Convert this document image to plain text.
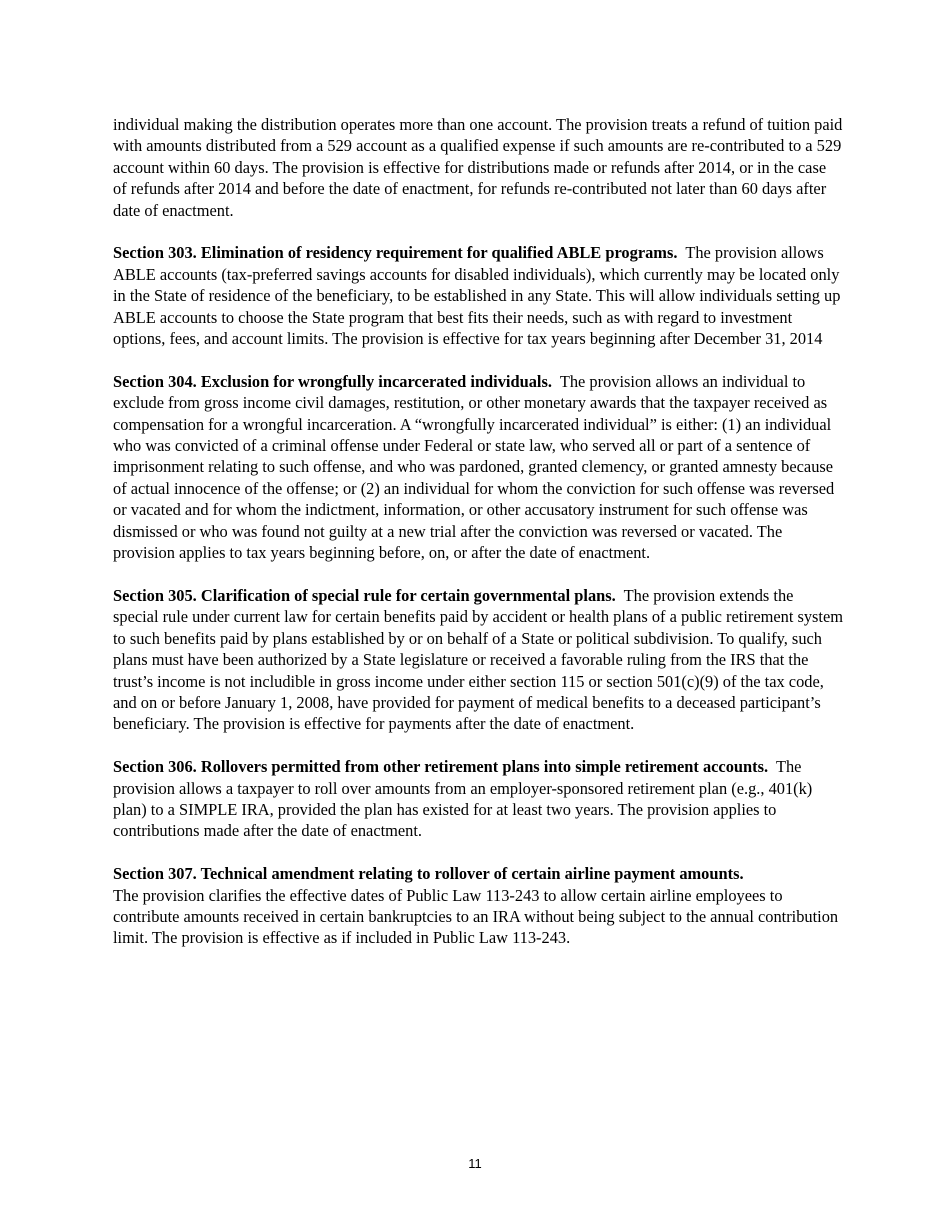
individual making the distribution operates more than one account. The provision treats a refund of tuition paid with amounts distributed from a 529 account as a qualified expense if such amounts are re-contributed to a 529 account within 60 days. The provision is effective for distributions made or refunds after 2014, or in the case of refunds after 2014 and before the date of enactment, for refunds re-contributed not later than 60 days after date of enactment.

Section 303. Elimination of residency requirement for qualified ABLE programs. The provision allows ABLE accounts (tax-preferred savings accounts for disabled individuals), which currently may be located only in the State of residence of the beneficiary, to be established in any State. This will allow individuals setting up ABLE accounts to choose the State program that best fits their needs, such as with regard to investment options, fees, and account limits. The provision is effective for tax years beginning after December 31, 2014

Section 304. Exclusion for wrongfully incarcerated individuals. The provision allows an individual to exclude from gross income civil damages, restitution, or other monetary awards that the taxpayer received as compensation for a wrongful incarceration. A “wrongfully incarcerated individual” is either: (1) an individual who was convicted of a criminal offense under Federal or state law, who served all or part of a sentence of imprisonment relating to such offense, and who was pardoned, granted clemency, or granted amnesty because of actual innocence of the offense; or (2) an individual for whom the conviction for such offense was reversed or vacated and for whom the indictment, information, or other accusatory instrument for such offense was dismissed or who was found not guilty at a new trial after the conviction was reversed or vacated. The provision applies to tax years beginning before, on, or after the date of enactment.

Section 305. Clarification of special rule for certain governmental plans. The provision extends the special rule under current law for certain benefits paid by accident or health plans of a public retirement system to such benefits paid by plans established by or on behalf of a State or political subdivision. To qualify, such plans must have been authorized by a State legislature or received a favorable ruling from the IRS that the trust’s income is not includible in gross income under either section 115 or section 501(c)(9) of the tax code, and on or before January 1, 2008, have provided for payment of medical benefits to a deceased participant’s beneficiary. The provision is effective for payments after the date of enactment.

Section 306. Rollovers permitted from other retirement plans into simple retirement accounts. The provision allows a taxpayer to roll over amounts from an employer-sponsored retirement plan (e.g., 401(k) plan) to a SIMPLE IRA, provided the plan has existed for at least two years. The provision applies to contributions made after the date of enactment.

Section 307. Technical amendment relating to rollover of certain airline payment amounts.
The provision clarifies the effective dates of Public Law 113-243 to allow certain airline employees to contribute amounts received in certain bankruptcies to an IRA without being subject to the annual contribution limit. The provision is effective as if included in Public Law 113-243.

11
